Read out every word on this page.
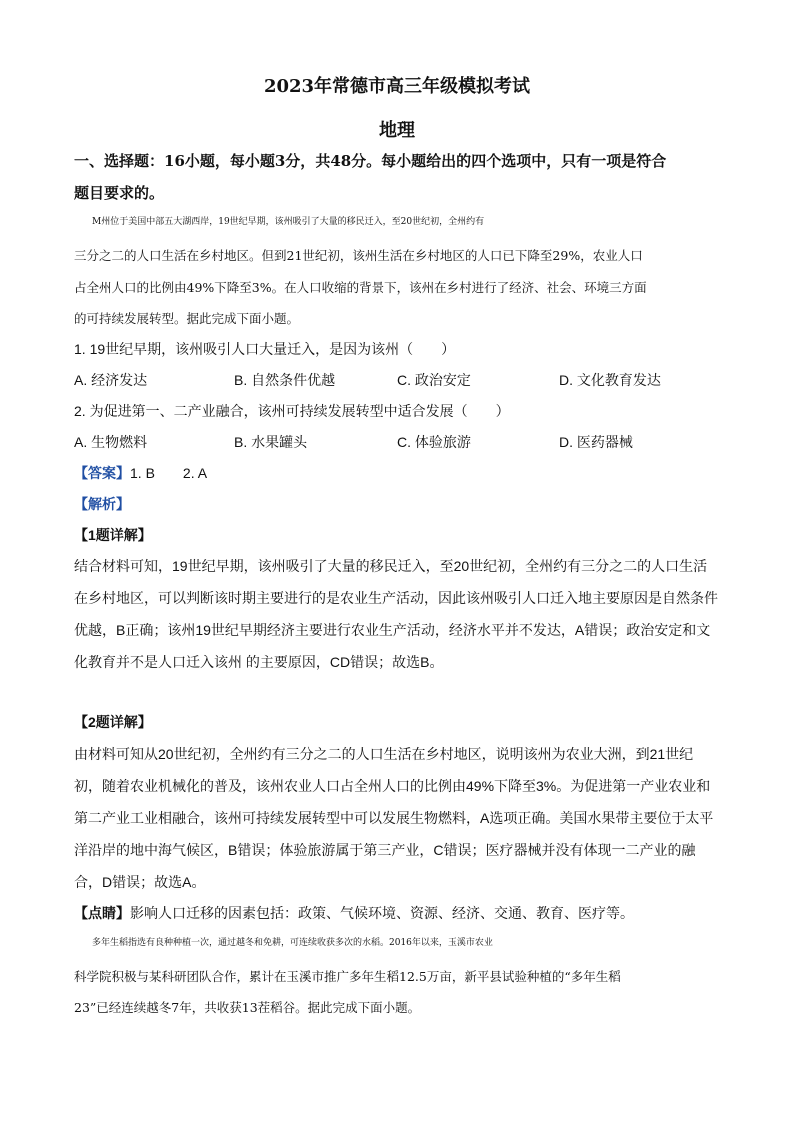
2023年常德市高三年级模拟考试
地理
一、选择题：16小题，每小题3分，共48分。每小题给出的四个选项中，只有一项是符合
题目要求的。
M州位于美国中部五大湖西岸，19世纪早期，该州吸引了大量的移民迁入，至20世纪初，全州约有
三分之二的人口生活在乡村地区。但到21世纪初，该州生活在乡村地区的人口已下降至29%，农业人口
占全州人口的比例由49%下降至3%。在人口收缩的背景下，该州在乡村进行了经济、社会、环境三方面
的可持续发展转型。据此完成下面小题。
1. 19世纪早期，该州吸引人口大量迁入，是因为该州（　　）
A. 经济发达	B. 自然条件优越	C. 政治安定	D. 文化教育发达
2. 为促进第一、二产业融合，该州可持续发展转型中适合发展（　　）
A. 生物燃料	B. 水果罐头	C. 体验旅游	D. 医药器械
【答案】1. B　　2. A
【解析】
【1题详解】
结合材料可知，19世纪早期，该州吸引了大量的移民迁入，至20世纪初，全州约有三分之二的人口生活
在乡村地区，可以判断该时期主要进行的是农业生产活动，因此该州吸引人口迁入地主要原因是自然条件
优越，B正确；该州19世纪早期经济主要进行农业生产活动，经济水平并不发达，A错误；政治安定和文
化教育并不是人口迁入该州 的主要原因，CD错误；故选B。
【2题详解】
由材料可知从20世纪初，全州约有三分之二的人口生活在乡村地区，说明该州为农业大洲，到21世纪
初，随着农业机械化的普及，该州农业人口占全州人口的比例由49%下降至3%。为促进第一产业农业和
第二产业工业相融合，该州可持续发展转型中可以发展生物燃料，A选项正确。美国水果带主要位于太平
洋沿岸的地中海气候区，B错误；体验旅游属于第三产业，C错误；医疗器械并没有体现一二产业的融
合，D错误；故选A。
【点睛】影响人口迁移的因素包括：政策、气候环境、资源、经济、交通、教育、医疗等。
多年生稻指选有良种种植一次，通过越冬和免耕，可连续收获多次的水稻。2016年以来，玉溪市农业
科学院积极与某科研团队合作，累计在玉溪市推广多年生稻12.5万亩，新平县试验种植的“多年生稻
23”已经连续越冬7年，共收获13茬稻谷。据此完成下面小题。
